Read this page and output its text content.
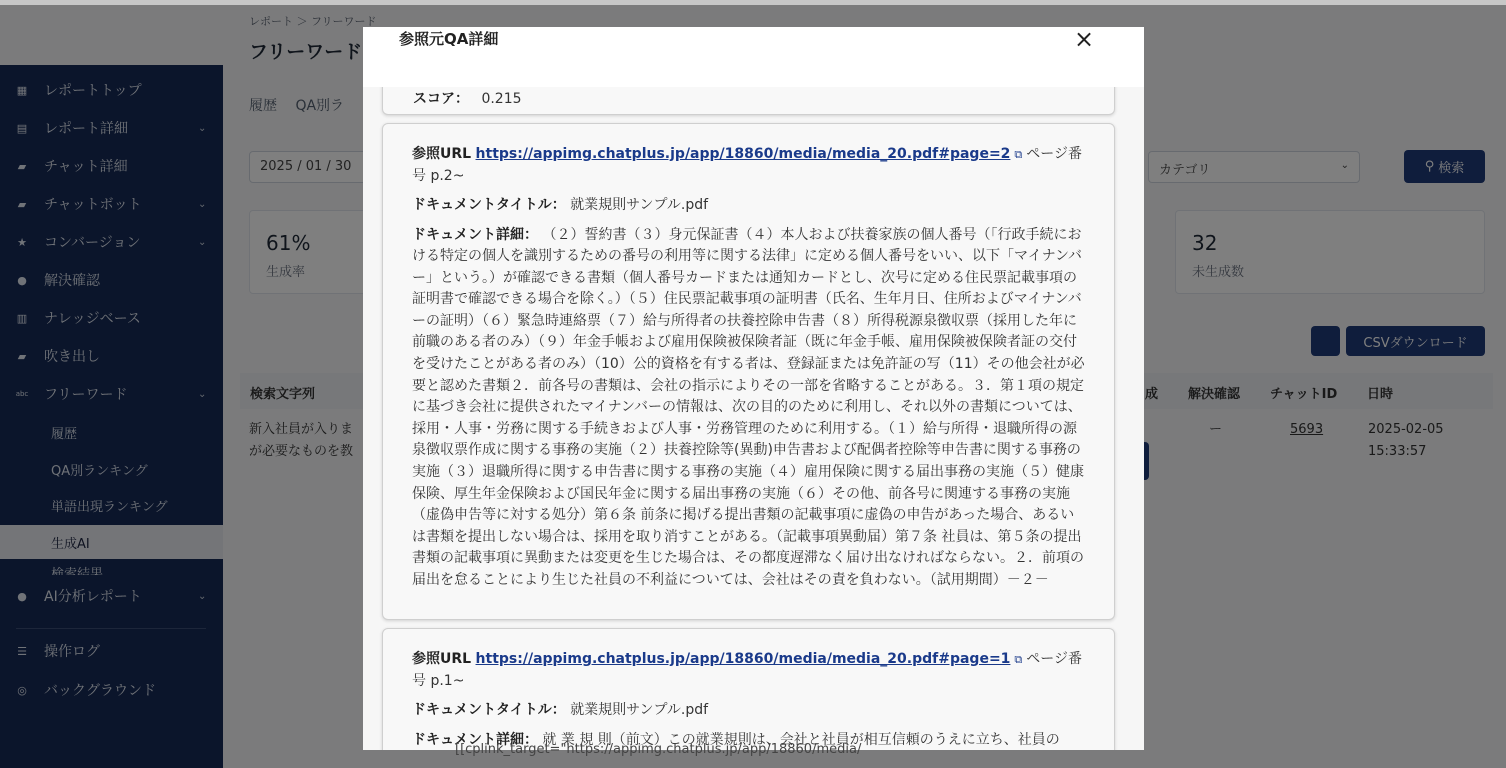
参照元QA詳細	×
スコア： 0.215
参照URL https://appimg.chatplus.jp/app/18860/media/media_20.pdf#page=2 ⧉ ページ番号 p.2~
ドキュメントタイトル： 就業規則サンプル.pdf
ドキュメント詳細： （２）誓約書（３）身元保証書（４）本人および扶養家族の個人番号（「行政手続における特定の個人を識別するための番号の利用等に関する法律」に定める個人番号をいい、以下「マイナンバー」という。）が確認できる書類（個人番号カードまたは通知カードとし、次号に定める住民票記載事項の証明書で確認できる場合を除く。）（５）住民票記載事項の証明書（氏名、生年月日、住所およびマイナンバーの証明）（６）緊急時連絡票（７）給与所得者の扶養控除申告書（８）所得税源泉徴収票（採用した年に前職のある者のみ）（９）年金手帳および雇用保険被保険者証（既に年金手帳、雇用保険被保険者証の交付を受けたことがある者のみ）（10）公的資格を有する者は、登録証または免許証の写（11）その他会社が必要と認めた書類２．前各号の書類は、会社の指示によりその一部を省略することがある。３．第１項の規定に基づき会社に提供されたマイナンバーの情報は、次の目的のために利用し、それ以外の書類については、採用・人事・労務に関する手続きおよび人事・労務管理のために利用する。（１）給与所得・退職所得の源泉徴収票作成に関する事務の実施（２）扶養控除等(異動)申告書および配偶者控除等申告書に関する事務の実施（３）退職所得に関する申告書に関する事務の実施（４）雇用保険に関する届出事務の実施（５）健康保険、厚生年金保険および国民年金に関する届出事務の実施（６）その他、前各号に関連する事務の実施（虚偽申告等に対する処分）第６条 前条に掲げる提出書類の記載事項に虚偽の申告があった場合、あるいは書類を提出しない場合は、採用を取り消すことがある。（記載事項異動届）第７条 社員は、第５条の提出書類の記載事項に異動または変更を生じた場合は、その都度遅滞なく届け出なければならない。２．前項の届出を怠ることにより生じた社員の不利益については、会社はその責を負わない。（試用期間）－２－
参照URL https://appimg.chatplus.jp/app/18860/media/media_20.pdf#page=1 ⧉ ページ番号 p.1~
ドキュメントタイトル： 就業規則サンプル.pdf
ドキュメント詳細： 就 業 規 則（前文）この就業規則は、会社と社員が相互信頼のうえに立ち、社員の
[[cplink_target="https://appimg.chatplus.jp/app/18860/media/
